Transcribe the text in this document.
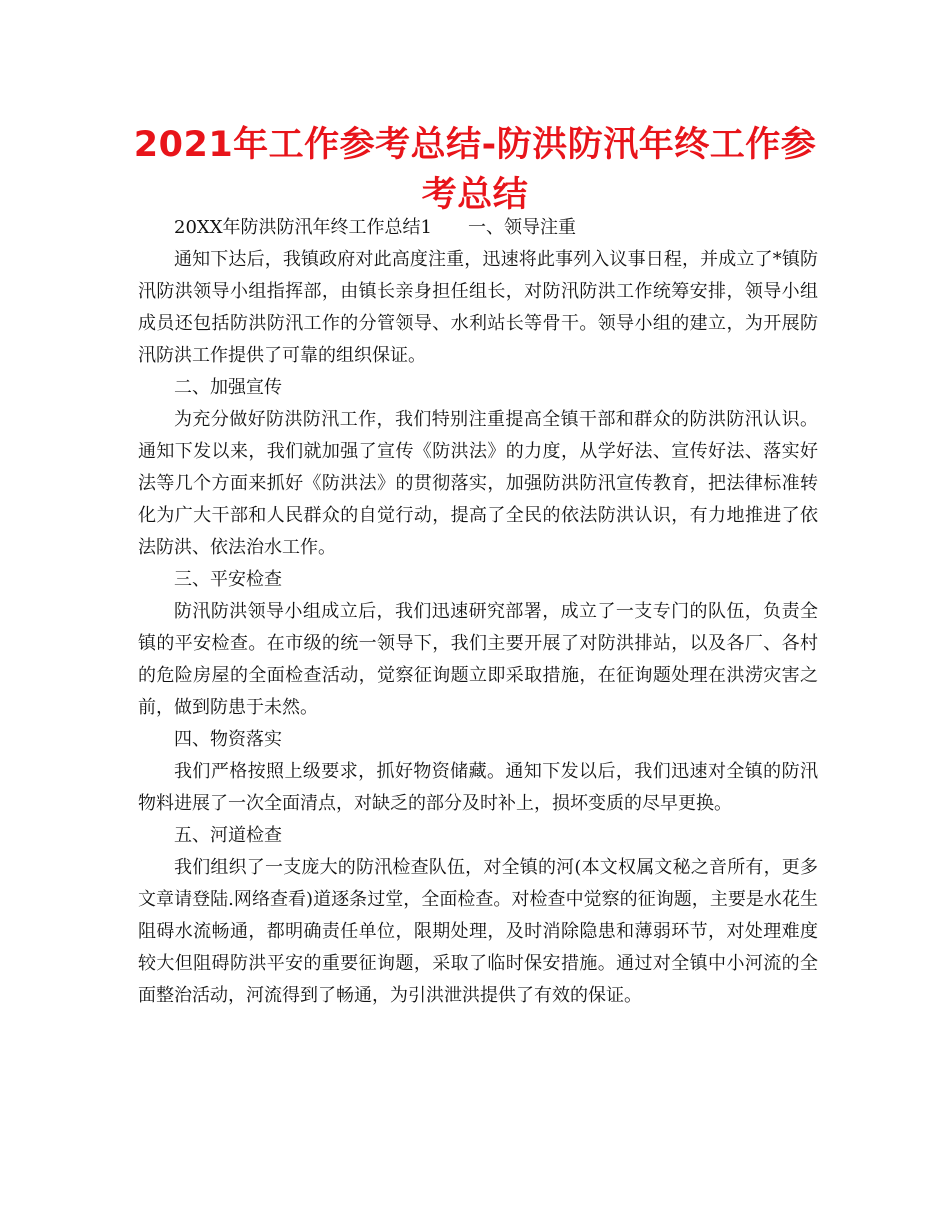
2021年工作参考总结-防洪防汛年终工作参考总结

20XX年防洪防汛年终工作总结1 一、领导注重

通知下达后，我镇政府对此高度注重，迅速将此事列入议事日程，并成立了*镇防汛防洪领导小组指挥部，由镇长亲身担任组长，对防汛防洪工作统筹安排，领导小组成员还包括防洪防汛工作的分管领导、水利站长等骨干。领导小组的建立，为开展防汛防洪工作提供了可靠的组织保证。

二、加强宣传

为充分做好防洪防汛工作，我们特别注重提高全镇干部和群众的防洪防汛认识。通知下发以来，我们就加强了宣传《防洪法》的力度，从学好法、宣传好法、落实好法等几个方面来抓好《防洪法》的贯彻落实，加强防洪防汛宣传教育，把法律标准转化为广大干部和人民群众的自觉行动，提高了全民的依法防洪认识，有力地推进了依法防洪、依法治水工作。

三、平安检查

防汛防洪领导小组成立后，我们迅速研究部署，成立了一支专门的队伍，负责全镇的平安检查。在市级的统一领导下，我们主要开展了对防洪排站，以及各厂、各村的危险房屋的全面检查活动，觉察征询题立即采取措施，在征询题处理在洪涝灾害之前，做到防患于未然。

四、物资落实

我们严格按照上级要求，抓好物资储藏。通知下发以后，我们迅速对全镇的防汛物料进展了一次全面清点，对缺乏的部分及时补上，损坏变质的尽早更换。

五、河道检查

我们组织了一支庞大的防汛检查队伍，对全镇的河(本文权属文秘之音所有，更多文章请登陆.网络查看)道逐条过堂，全面检查。对检查中觉察的征询题，主要是水花生阻碍水流畅通，都明确责任单位，限期处理，及时消除隐患和薄弱环节，对处理难度较大但阻碍防洪平安的重要征询题，采取了临时保安措施。通过对全镇中小河流的全面整治活动，河流得到了畅通，为引洪泄洪提供了有效的保证。
